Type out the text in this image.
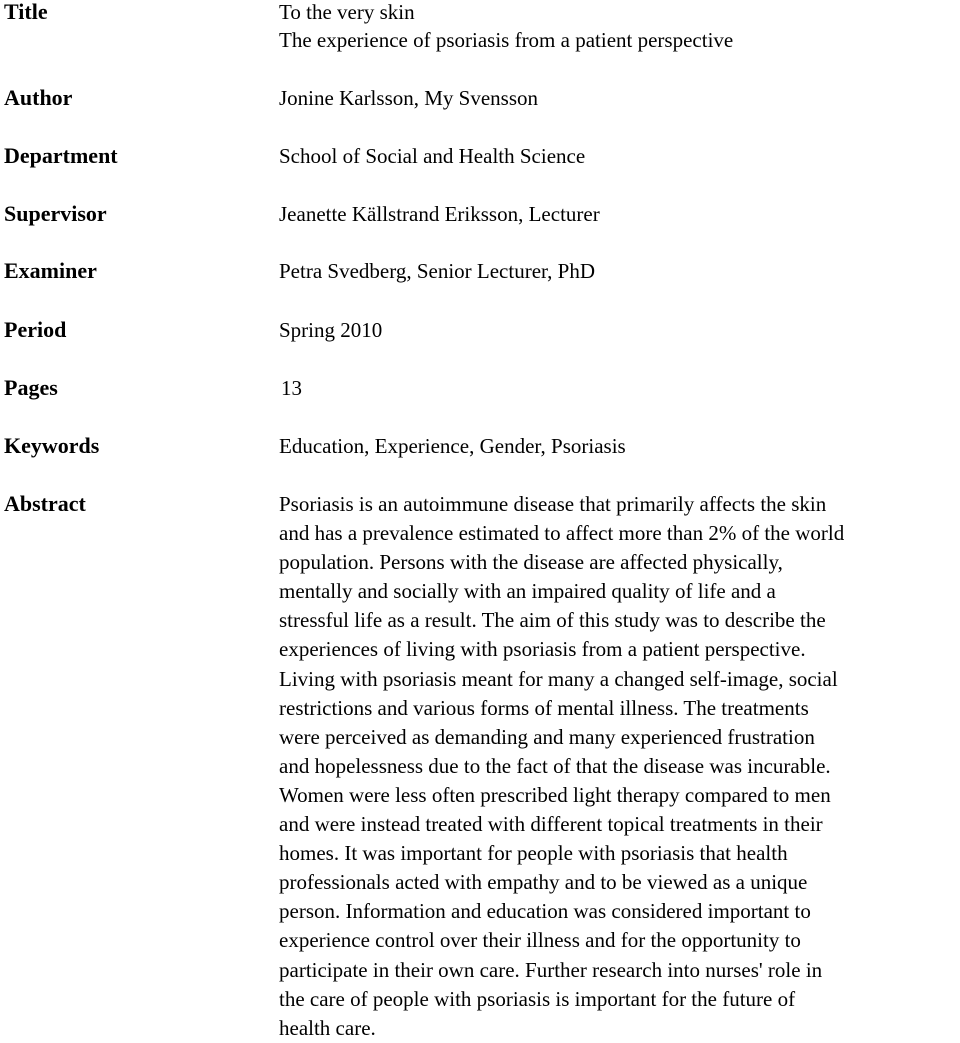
Title	To the very skin
The experience of psoriasis from a patient perspective
Author	Jonine Karlsson, My Svensson
Department	School of Social and Health Science
Supervisor	Jeanette Källstrand Eriksson, Lecturer
Examiner	Petra Svedberg, Senior Lecturer, PhD
Period	Spring 2010
Pages	13
Keywords	Education, Experience, Gender, Psoriasis
Abstract	Psoriasis is an autoimmune disease that primarily affects the skin
and has a prevalence estimated to affect more than 2% of the world
population. Persons with the disease are affected physically,
mentally and socially with an impaired quality of life and a
stressful life as a result. The aim of this study was to describe the
experiences of living with psoriasis from a patient perspective.
Living with psoriasis meant for many a changed self-image, social
restrictions and various forms of mental illness. The treatments
were perceived as demanding and many experienced frustration
and hopelessness due to the fact of that the disease was incurable.
Women were less often prescribed light therapy compared to men
and were instead treated with different topical treatments in their
homes. It was important for people with psoriasis that health
professionals acted with empathy and to be viewed as a unique
person. Information and education was considered important to
experience control over their illness and for the opportunity to
participate in their own care. Further research into nurses' role in
the care of people with psoriasis is important for the future of
health care.
